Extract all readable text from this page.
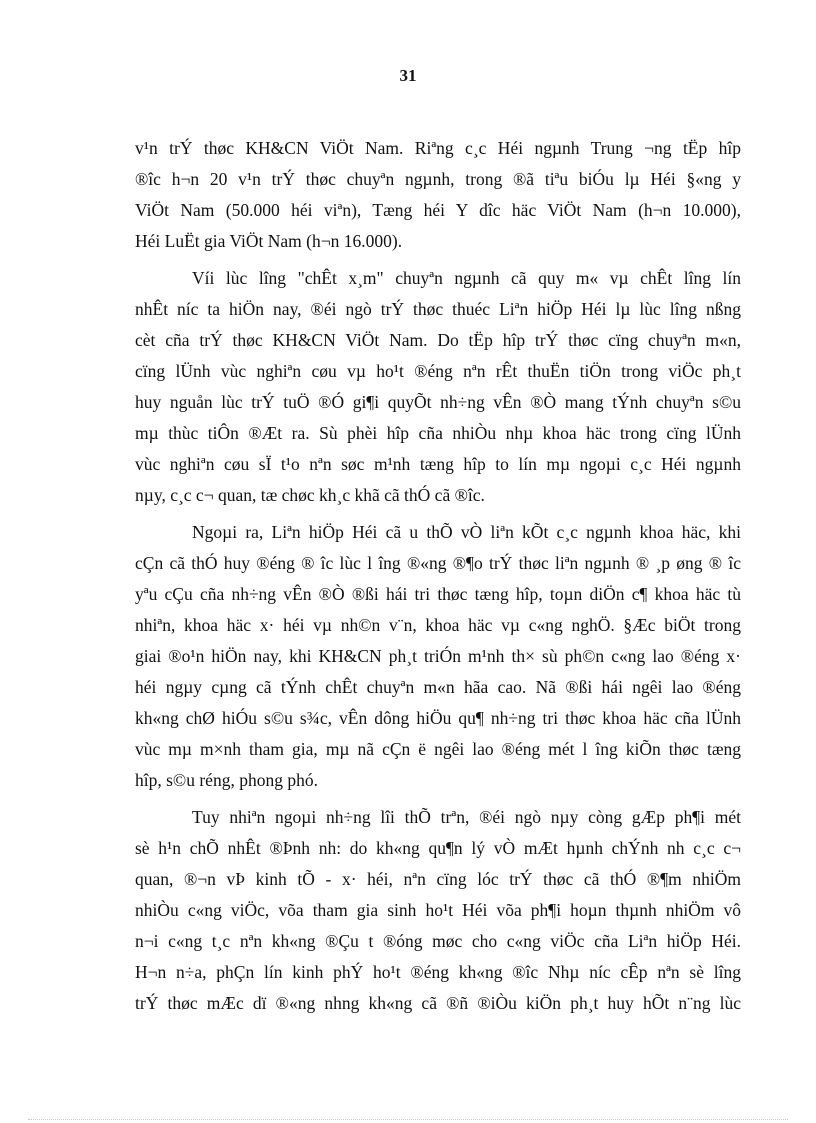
31
v¹n trÝ thøc KH&CN ViÖt Nam. Riªng c¸c Héi ngµnh Trung ¬ng tËp hîp
®îc h¬n 20 v¹n trÝ thøc chuyªn ngµnh, trong ®ã tiªu biÓu lµ Héi §«ng y
ViÖt Nam (50.000 héi viªn), Tæng héi Y dîc häc ViÖt Nam (h¬n 10.000),
Héi LuËt gia ViÖt Nam (h¬n 16.000).
Víi lùc lîng "chÊt x¸m" chuyªn ngµnh cã quy m« vµ chÊt lîng lín
nhÊt níc ta hiÖn nay, ®éi ngò trÝ thøc thuéc Liªn hiÖp Héi lµ lùc lîng nßng
cèt cña trÝ thøc KH&CN ViÖt Nam. Do tËp hîp trÝ thøc cïng chuyªn m«n,
cïng lÜnh vùc nghiªn cøu vµ ho¹t ®éng nªn rÊt thuËn tiÖn trong viÖc ph¸t
huy nguån lùc trÝ tuÖ ®Ó gi¶i quyÕt nh÷ng vÊn ®Ò mang tÝnh chuyªn s©u
mµ thùc tiÔn ®Æt ra. Sù phèi hîp cña nhiÒu nhµ khoa häc trong cïng lÜnh
vùc nghiªn cøu sÏ t¹o nªn søc m¹nh tæng hîp to lín mµ ngoµi c¸c Héi ngµnh
nµy, c¸c c¬ quan, tæ chøc kh¸c khã cã thÓ cã ®îc.
Ngoµi ra, Liªn hiÖp Héi cã u thÕ vÒ liªn kÕt c¸c ngµnh khoa häc, khi
cÇn cã thÓ huy ®éng ® îc lùc l îng ®«ng ®¶o trÝ thøc liªn ngµnh ® ¸p øng ® îc
yªu cÇu cña nh÷ng vÊn ®Ò ®ßi hái tri thøc tæng hîp, toµn diÖn c¶ khoa häc tù
nhiªn, khoa häc x· héi vµ nh©n v¨n, khoa häc vµ c«ng nghÖ. §Æc biÖt trong
giai ®o¹n hiÖn nay, khi KH&CN ph¸t triÓn m¹nh th× sù ph©n c«ng lao ®éng x·
héi ngµy cµng cã tÝnh chÊt chuyªn m«n hãa cao. Nã ®ßi hái ngêi lao ®éng
kh«ng chØ hiÓu s©u s¾c, vÊn dông hiÖu qu¶ nh÷ng tri thøc khoa häc cña lÜnh
vùc mµ m×nh tham gia, mµ nã cÇn ë ngêi lao ®éng mét l îng kiÕn thøc tæng
hîp, s©u réng, phong phó.
Tuy nhiªn ngoµi nh÷ng lîi thÕ trªn, ®éi ngò nµy còng gÆp ph¶i mét
sè h¹n chÕ nhÊt ®Þnh nh: do kh«ng qu¶n lý vÒ mÆt hµnh chÝnh nh c¸c c¬
quan, ®¬n vÞ kinh tÕ - x· héi, nªn cïng lóc trÝ thøc cã thÓ ®¶m nhiÖm
nhiÒu c«ng viÖc, võa tham gia sinh ho¹t Héi võa ph¶i hoµn thµnh nhiÖm vô
n¬i c«ng t¸c nªn kh«ng ®Çu t ®óng møc cho c«ng viÖc cña Liªn hiÖp Héi.
H¬n n÷a, phÇn lín kinh phÝ ho¹t ®éng kh«ng ®îc Nhµ níc cÊp nªn sè lîng
trÝ thøc mÆc dï ®«ng nhng kh«ng cã ®ñ ®iÒu kiÖn ph¸t huy hÕt n¨ng lùc
